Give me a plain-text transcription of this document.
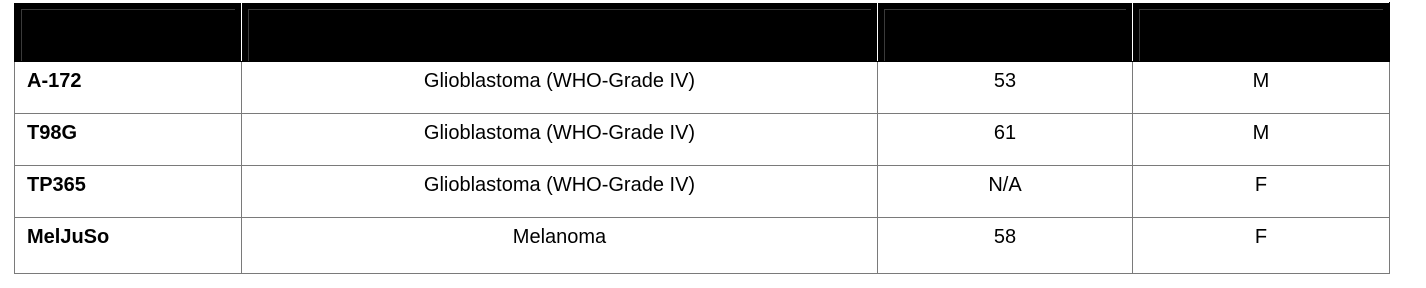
A-172	Glioblastoma (WHO-Grade IV)	53	M
T98G	Glioblastoma (WHO-Grade IV)	61	M
TP365	Glioblastoma (WHO-Grade IV)	N/A	F
MelJuSo	Melanoma	58	F
